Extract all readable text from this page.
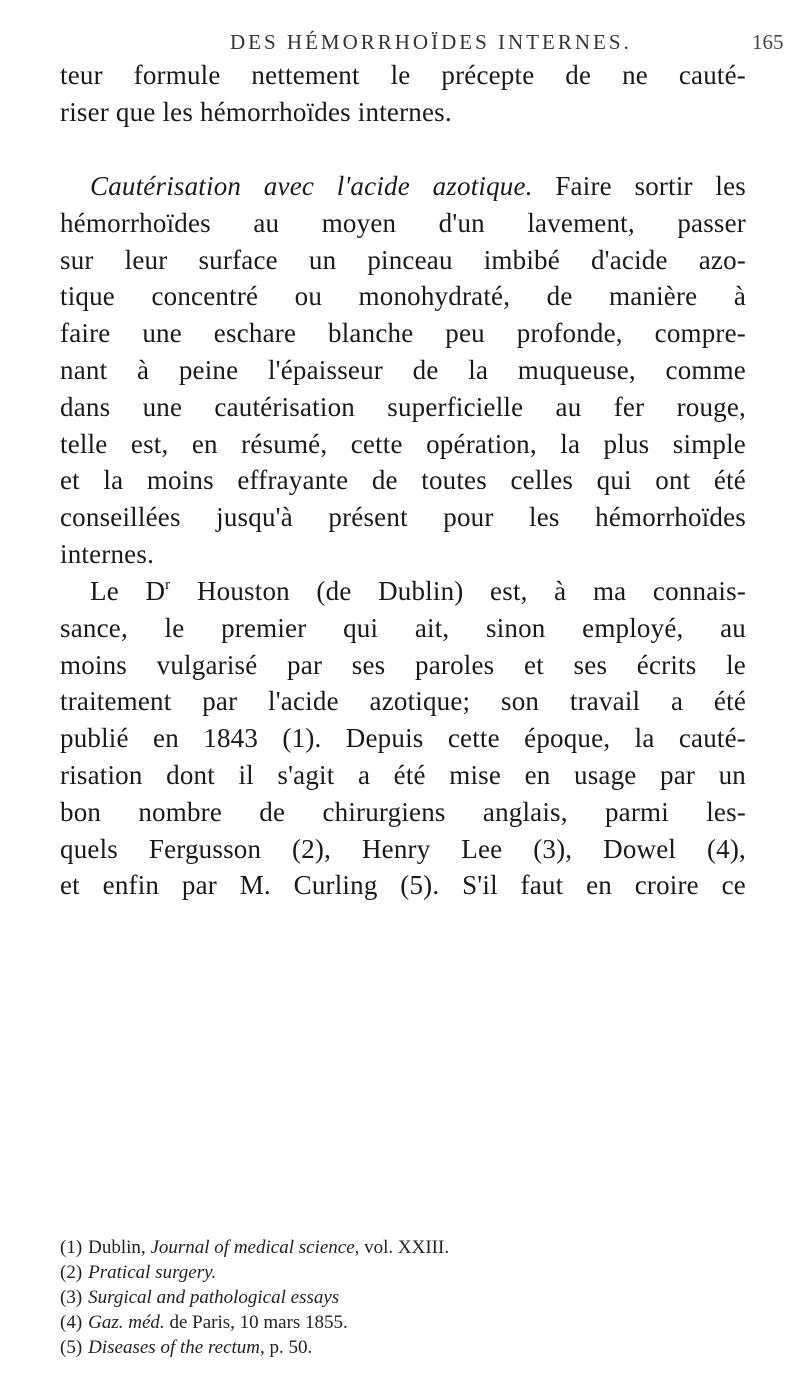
DES HÉMORRHOÏDES INTERNES.	165
teur formule nettement le précepte de ne cauté-
riser que les hémorrhoïdes internes.
Cautérisation avec l'acide azotique. Faire sortir les
hémorrhoïdes au moyen d'un lavement, passer
sur leur surface un pinceau imbibé d'acide azo-
tique concentré ou monohydraté, de manière à
faire une eschare blanche peu profonde, compre-
nant à peine l'épaisseur de la muqueuse, comme
dans une cautérisation superficielle au fer rouge,
telle est, en résumé, cette opération, la plus simple
et la moins effrayante de toutes celles qui ont été
conseillées jusqu'à présent pour les hémorrhoïdes
internes.
Le $D^r$ Houston (de Dublin) est, à ma connais-
sance, le premier qui ait, sinon employé, au
moins vulgarisé par ses paroles et ses écrits le
traitement par l'acide azotique; son travail a été
publié en 1843 (1). Depuis cette époque, la cauté-
risation dont il s'agit a été mise en usage par un
bon nombre de chirurgiens anglais, parmi les-
quels Fergusson (2), Henry Lee (3), Dowel (4),
et enfin par M. Curling (5). S'il faut en croire ce
(1) Dublin, Journal of medical science, vol. XXIII.
(2) Pratical surgery.
(3) Surgical and pathological essays
(4) Gaz. méd. de Paris, 10 mars 1855.
(5) Diseases of the rectum, p. 50.
